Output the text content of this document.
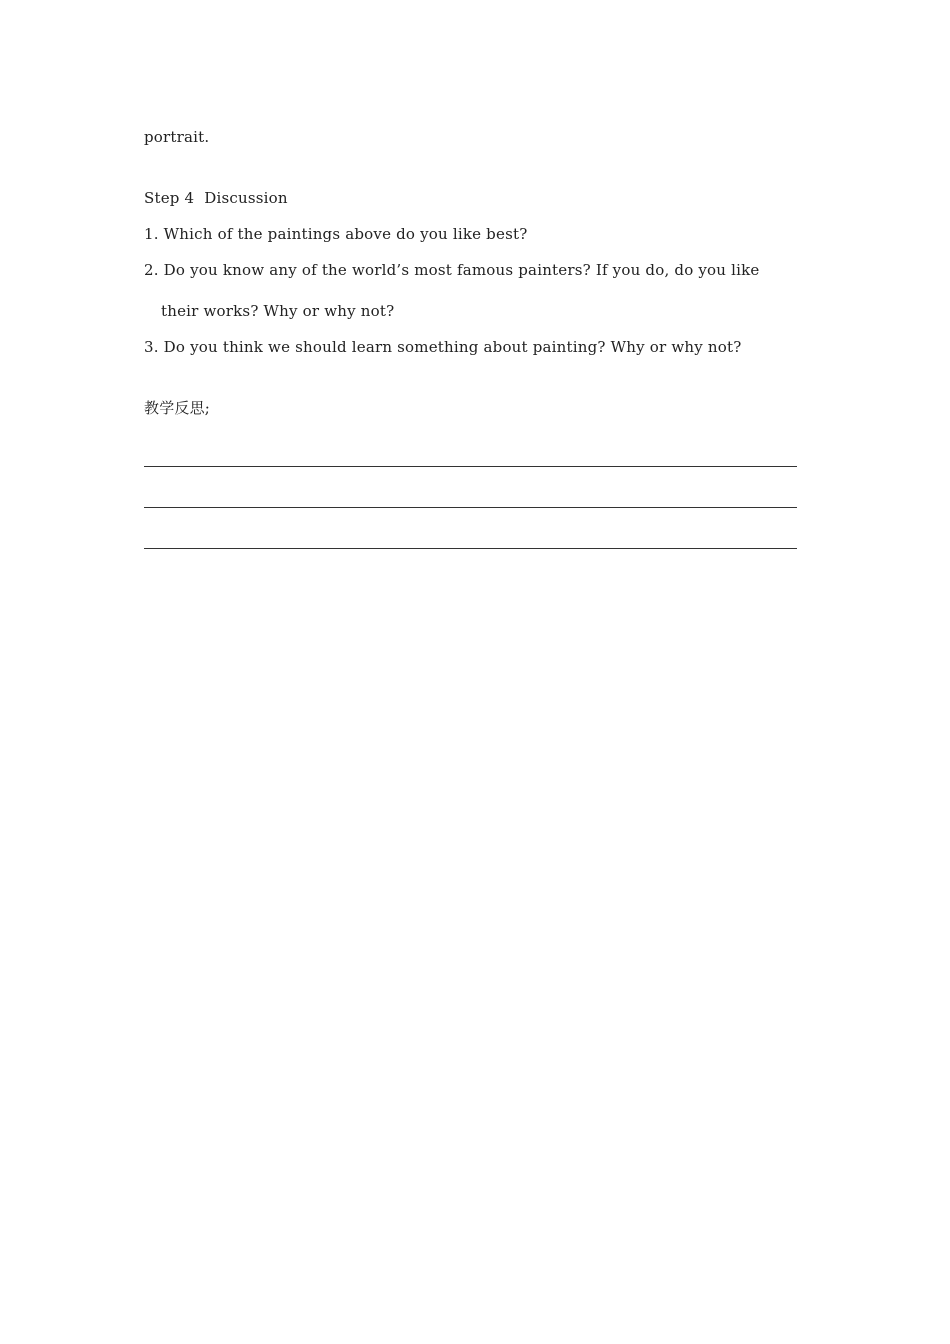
portrait.
Step 4  Discussion
1. Which of the paintings above do you like best?
2. Do you know any of the world’s most famous painters? If you do, do you like
their works? Why or why not?
3. Do you think we should learn something about painting? Why or why not?
教学反思;
